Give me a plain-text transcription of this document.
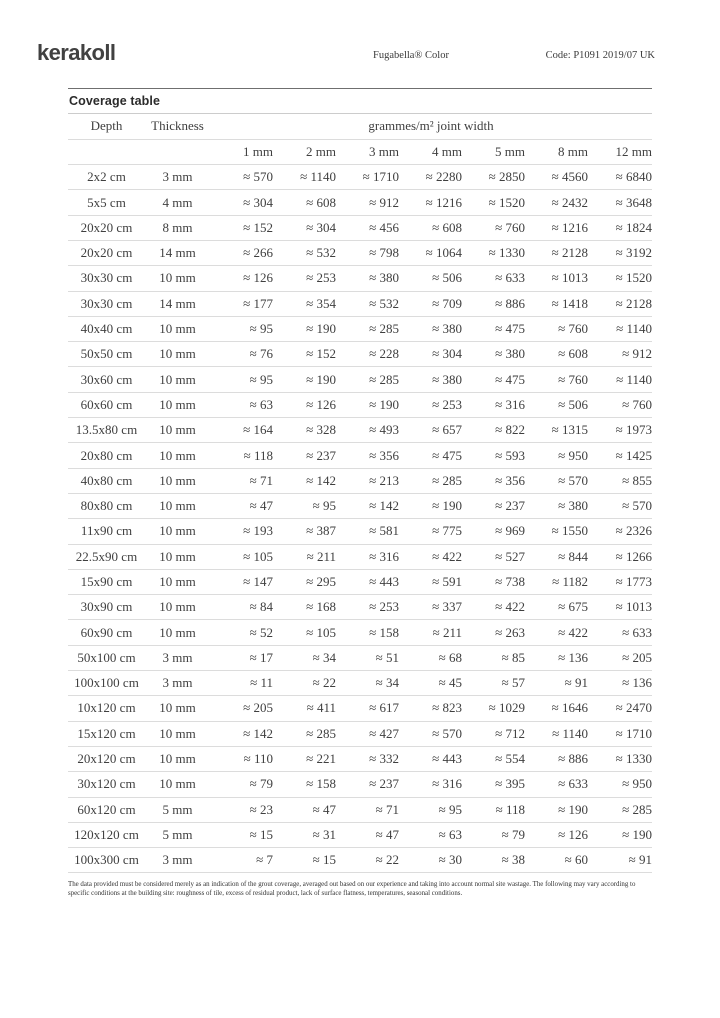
kerakoll	Fugabella® Color	Code: P1091 2019/07 UK
Coverage table
Depth	Thickness	grammes/m² joint width						
		1 mm	2 mm	3 mm	4 mm	5 mm	8 mm	12 mm
2x2 cm	3 mm	≈ 570	≈ 1140	≈ 1710	≈ 2280	≈ 2850	≈ 4560	≈ 6840
5x5 cm	4 mm	≈ 304	≈ 608	≈ 912	≈ 1216	≈ 1520	≈ 2432	≈ 3648
20x20 cm	8 mm	≈ 152	≈ 304	≈ 456	≈ 608	≈ 760	≈ 1216	≈ 1824
20x20 cm	14 mm	≈ 266	≈ 532	≈ 798	≈ 1064	≈ 1330	≈ 2128	≈ 3192
30x30 cm	10 mm	≈ 126	≈ 253	≈ 380	≈ 506	≈ 633	≈ 1013	≈ 1520
30x30 cm	14 mm	≈ 177	≈ 354	≈ 532	≈ 709	≈ 886	≈ 1418	≈ 2128
40x40 cm	10 mm	≈ 95	≈ 190	≈ 285	≈ 380	≈ 475	≈ 760	≈ 1140
50x50 cm	10 mm	≈ 76	≈ 152	≈ 228	≈ 304	≈ 380	≈ 608	≈ 912
30x60 cm	10 mm	≈ 95	≈ 190	≈ 285	≈ 380	≈ 475	≈ 760	≈ 1140
60x60 cm	10 mm	≈ 63	≈ 126	≈ 190	≈ 253	≈ 316	≈ 506	≈ 760
13.5x80 cm	10 mm	≈ 164	≈ 328	≈ 493	≈ 657	≈ 822	≈ 1315	≈ 1973
20x80 cm	10 mm	≈ 118	≈ 237	≈ 356	≈ 475	≈ 593	≈ 950	≈ 1425
40x80 cm	10 mm	≈ 71	≈ 142	≈ 213	≈ 285	≈ 356	≈ 570	≈ 855
80x80 cm	10 mm	≈ 47	≈ 95	≈ 142	≈ 190	≈ 237	≈ 380	≈ 570
11x90 cm	10 mm	≈ 193	≈ 387	≈ 581	≈ 775	≈ 969	≈ 1550	≈ 2326
22.5x90 cm	10 mm	≈ 105	≈ 211	≈ 316	≈ 422	≈ 527	≈ 844	≈ 1266
15x90 cm	10 mm	≈ 147	≈ 295	≈ 443	≈ 591	≈ 738	≈ 1182	≈ 1773
30x90 cm	10 mm	≈ 84	≈ 168	≈ 253	≈ 337	≈ 422	≈ 675	≈ 1013
60x90 cm	10 mm	≈ 52	≈ 105	≈ 158	≈ 211	≈ 263	≈ 422	≈ 633
50x100 cm	3 mm	≈ 17	≈ 34	≈ 51	≈ 68	≈ 85	≈ 136	≈ 205
100x100 cm	3 mm	≈ 11	≈ 22	≈ 34	≈ 45	≈ 57	≈ 91	≈ 136
10x120 cm	10 mm	≈ 205	≈ 411	≈ 617	≈ 823	≈ 1029	≈ 1646	≈ 2470
15x120 cm	10 mm	≈ 142	≈ 285	≈ 427	≈ 570	≈ 712	≈ 1140	≈ 1710
20x120 cm	10 mm	≈ 110	≈ 221	≈ 332	≈ 443	≈ 554	≈ 886	≈ 1330
30x120 cm	10 mm	≈ 79	≈ 158	≈ 237	≈ 316	≈ 395	≈ 633	≈ 950
60x120 cm	5 mm	≈ 23	≈ 47	≈ 71	≈ 95	≈ 118	≈ 190	≈ 285
120x120 cm	5 mm	≈ 15	≈ 31	≈ 47	≈ 63	≈ 79	≈ 126	≈ 190
100x300 cm	3 mm	≈ 7	≈ 15	≈ 22	≈ 30	≈ 38	≈ 60	≈ 91
The data provided must be considered merely as an indication of the grout coverage, averaged out based on our experience and taking into account normal site wastage. The following may vary according to specific conditions at the building site: roughness of tile, excess of residual product, lack of surface flatness, temperatures, seasonal conditions.
